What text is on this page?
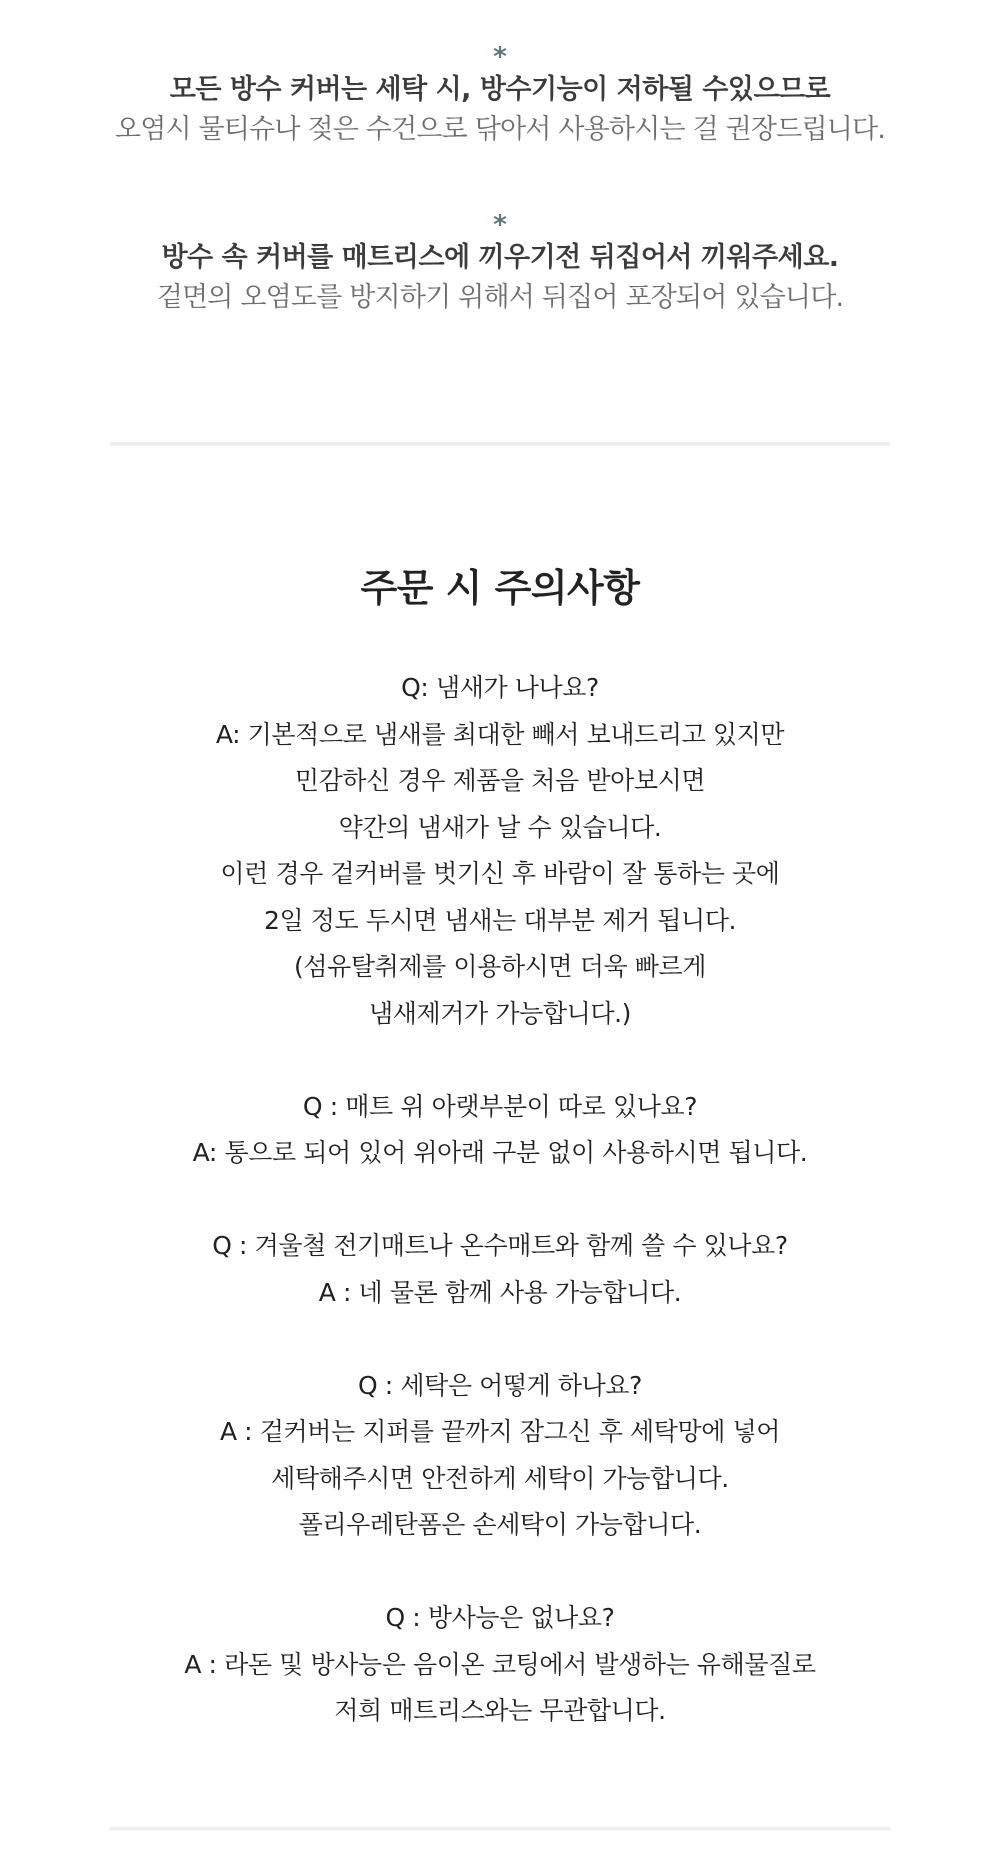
*
모든 방수 커버는 세탁 시, 방수기능이 저하될 수있으므로
오염시 물티슈나 젖은 수건으로 닦아서 사용하시는 걸 권장드립니다.
*
방수 속 커버를 매트리스에 끼우기전 뒤집어서 끼워주세요.
겉면의 오염도를 방지하기 위해서 뒤집어 포장되어 있습니다.
주문 시 주의사항
Q: 냄새가 나나요?
A: 기본적으로 냄새를 최대한 빼서 보내드리고 있지만
민감하신 경우 제품을 처음 받아보시면
약간의 냄새가 날 수 있습니다.
이런 경우 겉커버를 벗기신 후 바람이 잘 통하는 곳에
2일 정도 두시면 냄새는 대부분 제거 됩니다.
(섬유탈취제를 이용하시면 더욱 빠르게
냄새제거가 가능합니다.)
Q : 매트 위 아랫부분이 따로 있나요?
A: 통으로 되어 있어 위아래 구분 없이 사용하시면 됩니다.
Q : 겨울철 전기매트나 온수매트와 함께 쓸 수 있나요?
A : 네 물론 함께 사용 가능합니다.
Q : 세탁은 어떻게 하나요?
A : 겉커버는 지퍼를 끝까지 잠그신 후 세탁망에 넣어
세탁해주시면 안전하게 세탁이 가능합니다.
폴리우레탄폼은 손세탁이 가능합니다.
Q : 방사능은 없나요?
A : 라돈 및 방사능은 음이온 코팅에서 발생하는 유해물질로
저희 매트리스와는 무관합니다.
